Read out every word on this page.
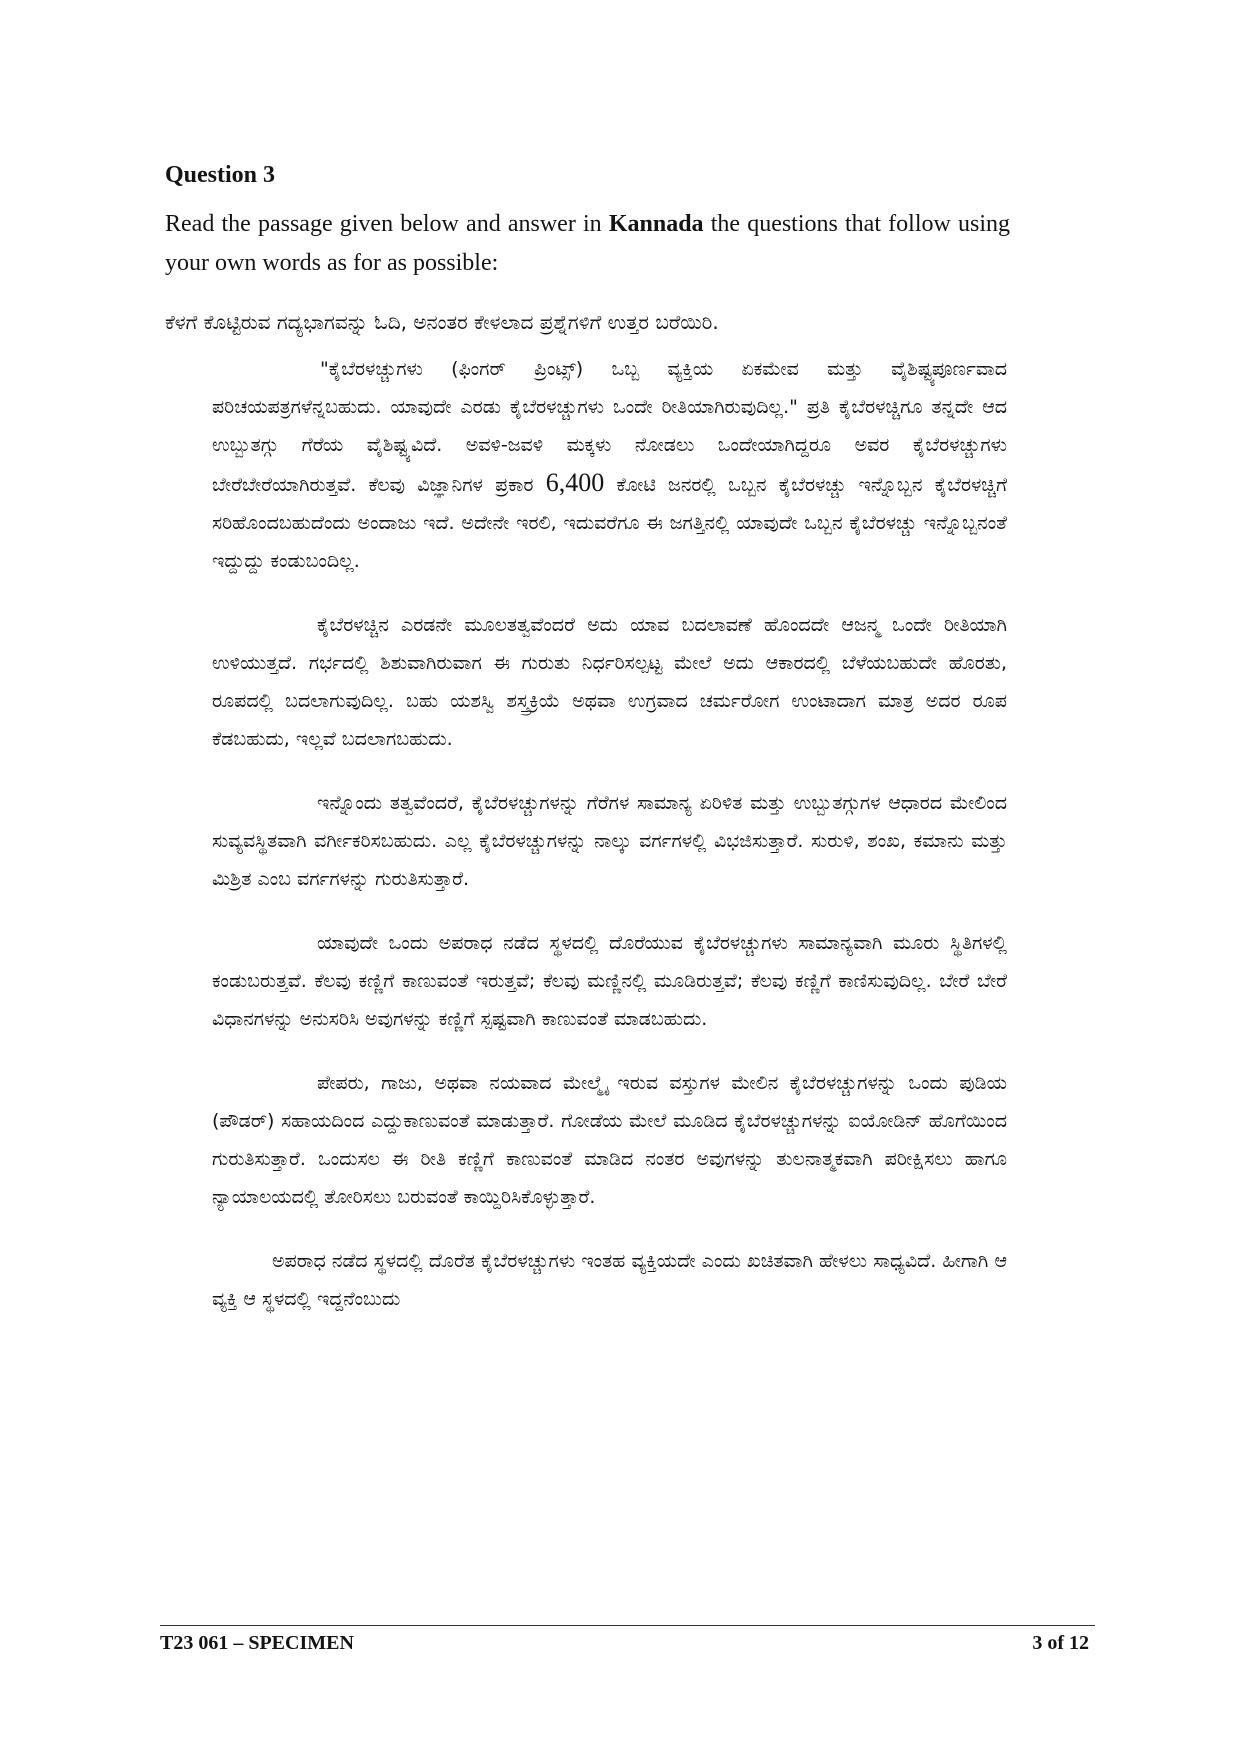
Question 3

Read the passage given below and answer in Kannada the questions that follow using your own words as for as possible:

ಕೆಳಗೆ ಕೊಟ್ಟಿರುವ ಗದ್ಯಭಾಗವನ್ನು ಓದಿ, ಅನಂತರ ಕೇಳಲಾದ ಪ್ರಶ್ನೆಗಳಿಗೆ ಉತ್ತರ ಬರೆಯಿರಿ.

"ಕೈಬೆರಳಚ್ಚುಗಳು (ಫಿಂಗರ್ ಪ್ರಿಂಟ್ಸ್) ಒಬ್ಬ ವ್ಯಕ್ತಿಯ ಏಕಮೇವ ಮತ್ತು ವೈಶಿಷ್ಟ್ಯಪೂರ್ಣವಾದ ಪರಿಚಯಪತ್ರಗಳೆನ್ನಬಹುದು. ಯಾವುದೇ ಎರಡು ಕೈಬೆರಳಚ್ಚುಗಳು ಒಂದೇ ರೀತಿಯಾಗಿರುವುದಿಲ್ಲ." ಪ್ರತಿ ಕೈಬೆರಳಚ್ಚಿಗೂ ತನ್ನದೇ ಆದ ಉಬ್ಬುತಗ್ಗು ಗೆರೆಯ ವೈಶಿಷ್ಟ್ಯವಿದೆ. ಅವಳಿ-ಜವಳಿ ಮಕ್ಕಳು ನೋಡಲು ಒಂದೇಯಾಗಿದ್ದರೂ ಅವರ ಕೈಬೆರಳಚ್ಚುಗಳು ಬೇರೆಬೇರೆಯಾಗಿರುತ್ತವೆ. ಕೆಲವು ವಿಜ್ಞಾನಿಗಳ ಪ್ರಕಾರ 6,400 ಕೋಟಿ ಜನರಲ್ಲಿ ಒಬ್ಬನ ಕೈಬೆರಳಚ್ಚು ಇನ್ನೊಬ್ಬನ ಕೈಬೆರಳಚ್ಚಿಗೆ ಸರಿಹೊಂದಬಹುದೆಂದು ಅಂದಾಜು ಇದೆ. ಅದೇನೇ ಇರಲಿ, ಇದುವರೆಗೂ ಈ ಜಗತ್ತಿನಲ್ಲಿ ಯಾವುದೇ ಒಬ್ಬನ ಕೈಬೆರಳಚ್ಚು ಇನ್ನೊಬ್ಬನಂತೆ ಇದ್ದುದ್ದು ಕಂಡುಬಂದಿಲ್ಲ.

ಕೈಬೆರಳಚ್ಚಿನ ಎರಡನೇ ಮೂಲತತ್ವವೆಂದರೆ ಅದು ಯಾವ ಬದಲಾವಣೆ ಹೊಂದದೇ ಆಜನ್ಮ ಒಂದೇ ರೀತಿಯಾಗಿ ಉಳಿಯುತ್ತದೆ. ಗರ್ಭದಲ್ಲಿ ಶಿಶುವಾಗಿರುವಾಗ ಈ ಗುರುತು ನಿರ್ಧರಿಸಲ್ಪಟ್ಟ ಮೇಲೆ ಅದು ಆಕಾರದಲ್ಲಿ ಬೆಳೆಯಬಹುದೇ ಹೊರತು, ರೂಪದಲ್ಲಿ ಬದಲಾಗುವುದಿಲ್ಲ. ಬಹು ಯಶಸ್ವಿ ಶಸ್ತ್ರಕ್ರಿಯೆ ಅಥವಾ ಉಗ್ರವಾದ ಚರ್ಮರೋಗ ಉಂಟಾದಾಗ ಮಾತ್ರ ಅದರ ರೂಪ ಕೆಡಬಹುದು, ಇಲ್ಲವೆ ಬದಲಾಗಬಹುದು.

ಇನ್ನೊಂದು ತತ್ವವೆಂದರೆ, ಕೈಬೆರಳಚ್ಚುಗಳನ್ನು ಗೆರೆಗಳ ಸಾಮಾನ್ಯ ಏರಿಳಿತ ಮತ್ತು ಉಬ್ಬುತಗ್ಗುಗಳ ಆಧಾರದ ಮೇಲಿಂದ ಸುವ್ಯವಸ್ಥಿತವಾಗಿ ವರ್ಗೀಕರಿಸಬಹುದು. ಎಲ್ಲ ಕೈಬೆರಳಚ್ಚುಗಳನ್ನು ನಾಲ್ಕು ವರ್ಗಗಳಲ್ಲಿ ವಿಭಜಿಸುತ್ತಾರೆ. ಸುರುಳಿ, ಶಂಖ, ಕಮಾನು ಮತ್ತು ಮಿಶ್ರಿತ ಎಂಬ ವರ್ಗಗಳನ್ನು ಗುರುತಿಸುತ್ತಾರೆ.

ಯಾವುದೇ ಒಂದು ಅಪರಾಧ ನಡೆದ ಸ್ಥಳದಲ್ಲಿ ದೊರೆಯುವ ಕೈಬೆರಳಚ್ಚುಗಳು ಸಾಮಾನ್ಯವಾಗಿ ಮೂರು ಸ್ಥಿತಿಗಳಲ್ಲಿ ಕಂಡುಬರುತ್ತವೆ. ಕೆಲವು ಕಣ್ಣಿಗೆ ಕಾಣುವಂತೆ ಇರುತ್ತವೆ; ಕೆಲವು ಮಣ್ಣಿನಲ್ಲಿ ಮೂಡಿರುತ್ತವೆ; ಕೆಲವು ಕಣ್ಣಿಗೆ ಕಾಣಿಸುವುದಿಲ್ಲ. ಬೇರೆ ಬೇರೆ ವಿಧಾನಗಳನ್ನು ಅನುಸರಿಸಿ ಅವುಗಳನ್ನು ಕಣ್ಣಿಗೆ ಸ್ಪಷ್ಟವಾಗಿ ಕಾಣುವಂತೆ ಮಾಡಬಹುದು.

ಪೇಪರು, ಗಾಜು, ಅಥವಾ ನಯವಾದ ಮೇಲ್ಮೈ ಇರುವ ವಸ್ತುಗಳ ಮೇಲಿನ ಕೈಬೆರಳಚ್ಚುಗಳನ್ನು ಒಂದು ಪುಡಿಯ (ಪೌಡರ್) ಸಹಾಯದಿಂದ ಎದ್ದುಕಾಣುವಂತೆ ಮಾಡುತ್ತಾರೆ. ಗೋಡೆಯ ಮೇಲೆ ಮೂಡಿದ ಕೈಬೆರಳಚ್ಚುಗಳನ್ನು ಐಯೋಡಿನ್ ಹೊಗೆಯಿಂದ ಗುರುತಿಸುತ್ತಾರೆ. ಒಂದುಸಲ ಈ ರೀತಿ ಕಣ್ಣಿಗೆ ಕಾಣುವಂತೆ ಮಾಡಿದ ನಂತರ ಅವುಗಳನ್ನು ತುಲನಾತ್ಮಕವಾಗಿ ಪರೀಕ್ಷಿಸಲು ಹಾಗೂ ನ್ಯಾಯಾಲಯದಲ್ಲಿ ತೋರಿಸಲು ಬರುವಂತೆ ಕಾಯ್ದಿರಿಸಿಕೊಳ್ಳುತ್ತಾರೆ.

ಅಪರಾಧ ನಡೆದ ಸ್ಥಳದಲ್ಲಿ ದೊರೆತ ಕೈಬೆರಳಚ್ಚುಗಳು ಇಂತಹ ವ್ಯಕ್ತಿಯದೇ ಎಂದು ಖಚಿತವಾಗಿ ಹೇಳಲು ಸಾಧ್ಯವಿದೆ. ಹೀಗಾಗಿ ಆ ವ್ಯಕ್ತಿ ಆ ಸ್ಥಳದಲ್ಲಿ ಇದ್ದನೆಂಬುದು

T23 061 – SPECIMEN	3 of 12
